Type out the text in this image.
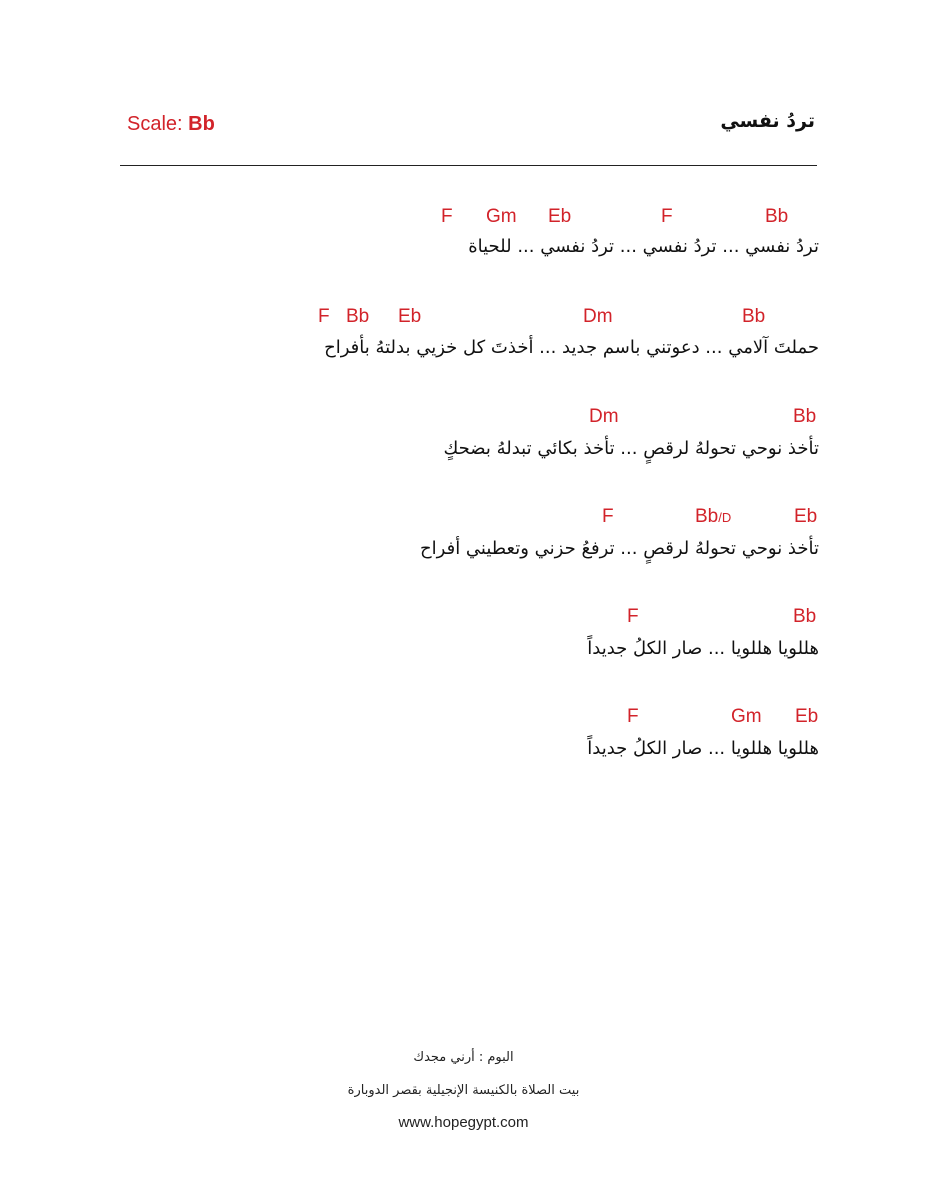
تردُ نفسي
Scale: Bb
F Gm Eb	F	Bb
تردُ نفسي ... تردُ نفسي ... تردُ نفسي ... للحياة
F Bb Eb	Dm	Bb
حملتَ آلامي ... دعوتني باسم جديد ... أخذتَ كل خزيي بدلتهُ بأفراح
Dm	Bb
تأخذ نوحي تحولهُ لرقصٍ ... تأخذ بكائي تبدلهُ بضحكٍ
F	Bb/D	Eb
تأخذ نوحي تحولهُ لرقصٍ ... ترفعُ حزني وتعطيني أفراح
F	Bb
هللويا هللويا ... صار الكلُ جديداً
F	Gm Eb
هللويا هللويا ... صار الكلُ جديداً
البوم : أرني مجدك
بيت الصلاة بالكنيسة الإنجيلية بقصر الدوبارة
www.hopegypt.com
